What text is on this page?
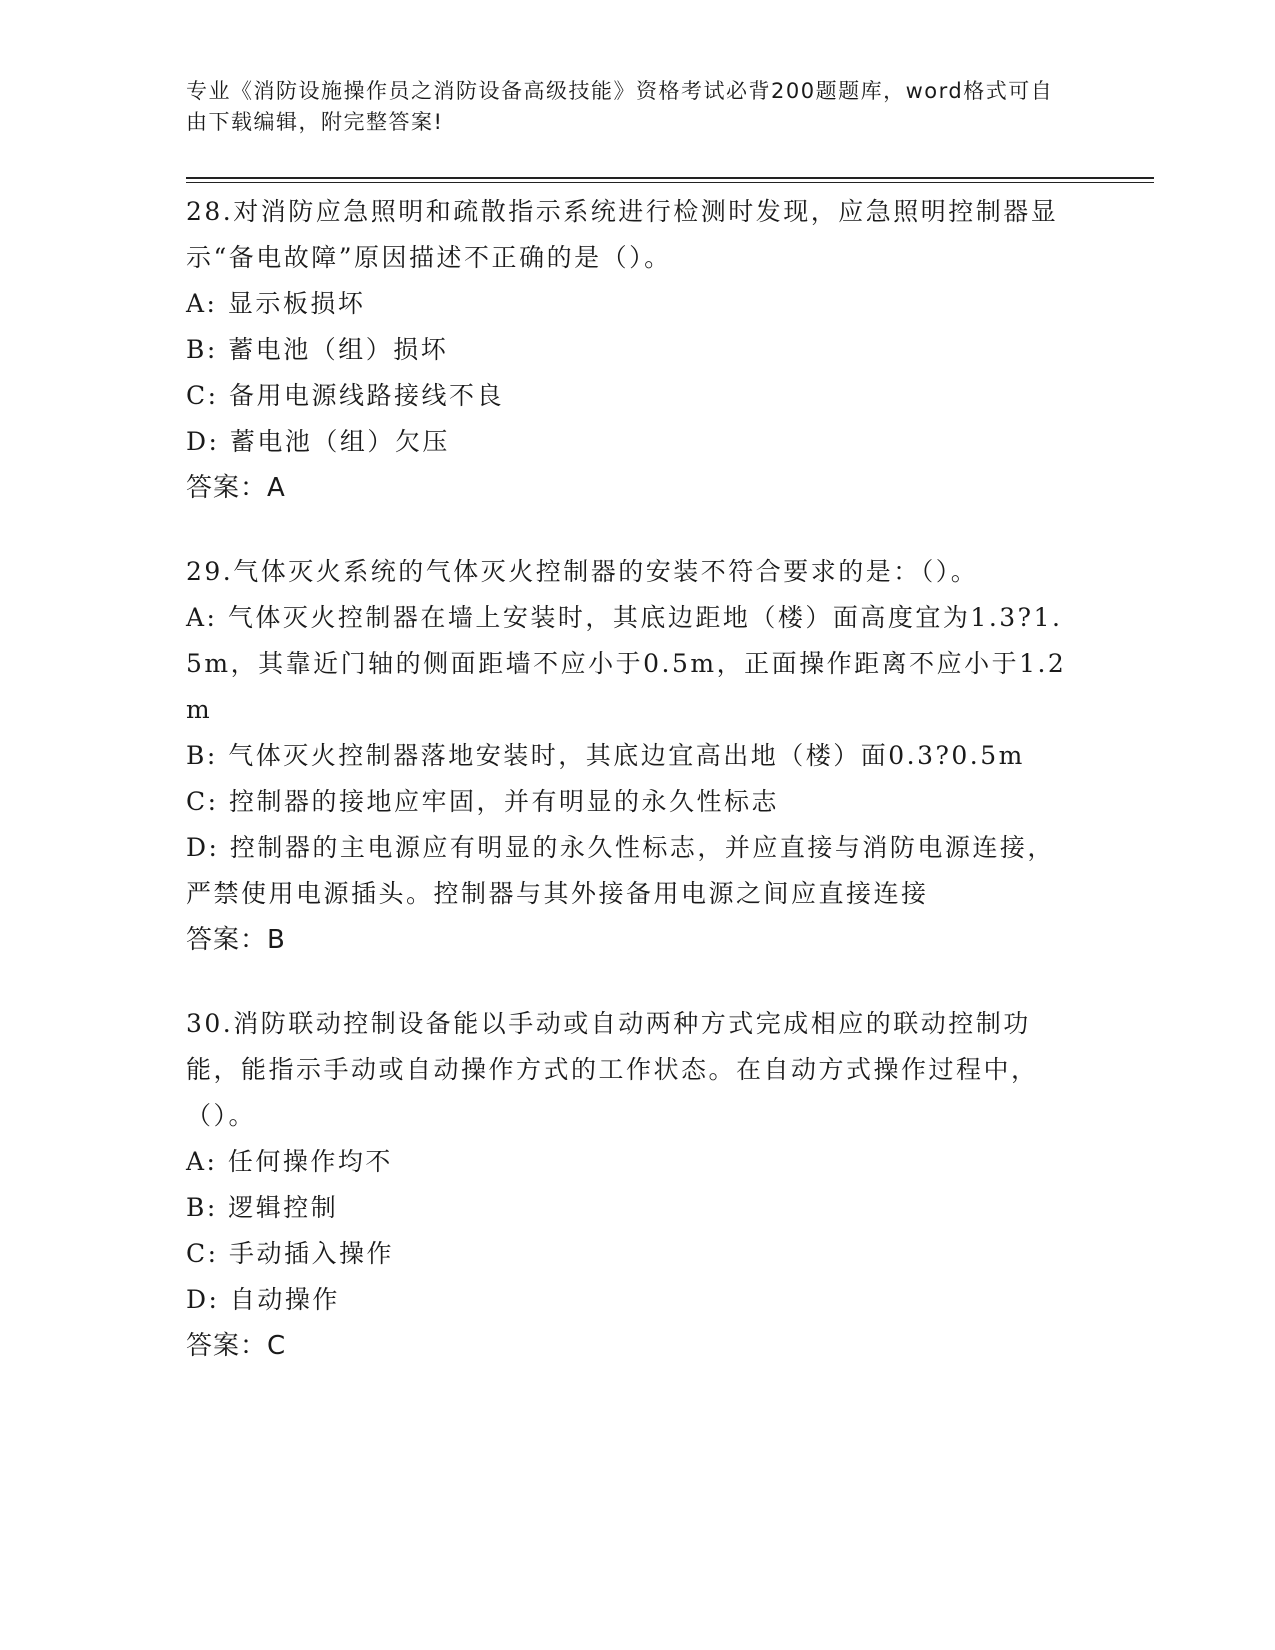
专业《消防设施操作员之消防设备高级技能》资格考试必背200题题库，word格式可自由下载编辑，附完整答案!

28.对消防应急照明和疏散指示系统进行检测时发现，应急照明控制器显示“备电故障”原因描述不正确的是（）。

A: 显示板损坏

B: 蓄电池（组）损坏

C: 备用电源线路接线不良

D: 蓄电池（组）欠压

答案：A

29.气体灭火系统的气体灭火控制器的安装不符合要求的是：（）。

A: 气体灭火控制器在墙上安装时，其底边距地（楼）面高度宜为1.3?1.5m，其靠近门轴的侧面距墙不应小于0.5m，正面操作距离不应小于1.2m

B: 气体灭火控制器落地安装时，其底边宜高出地（楼）面0.3?0.5m

C: 控制器的接地应牢固，并有明显的永久性标志

D: 控制器的主电源应有明显的永久性标志，并应直接与消防电源连接，严禁使用电源插头。控制器与其外接备用电源之间应直接连接

答案：B

30.消防联动控制设备能以手动或自动两种方式完成相应的联动控制功能，能指示手动或自动操作方式的工作状态。在自动方式操作过程中，（）。

A: 任何操作均不

B: 逻辑控制

C: 手动插入操作

D: 自动操作

答案：C
